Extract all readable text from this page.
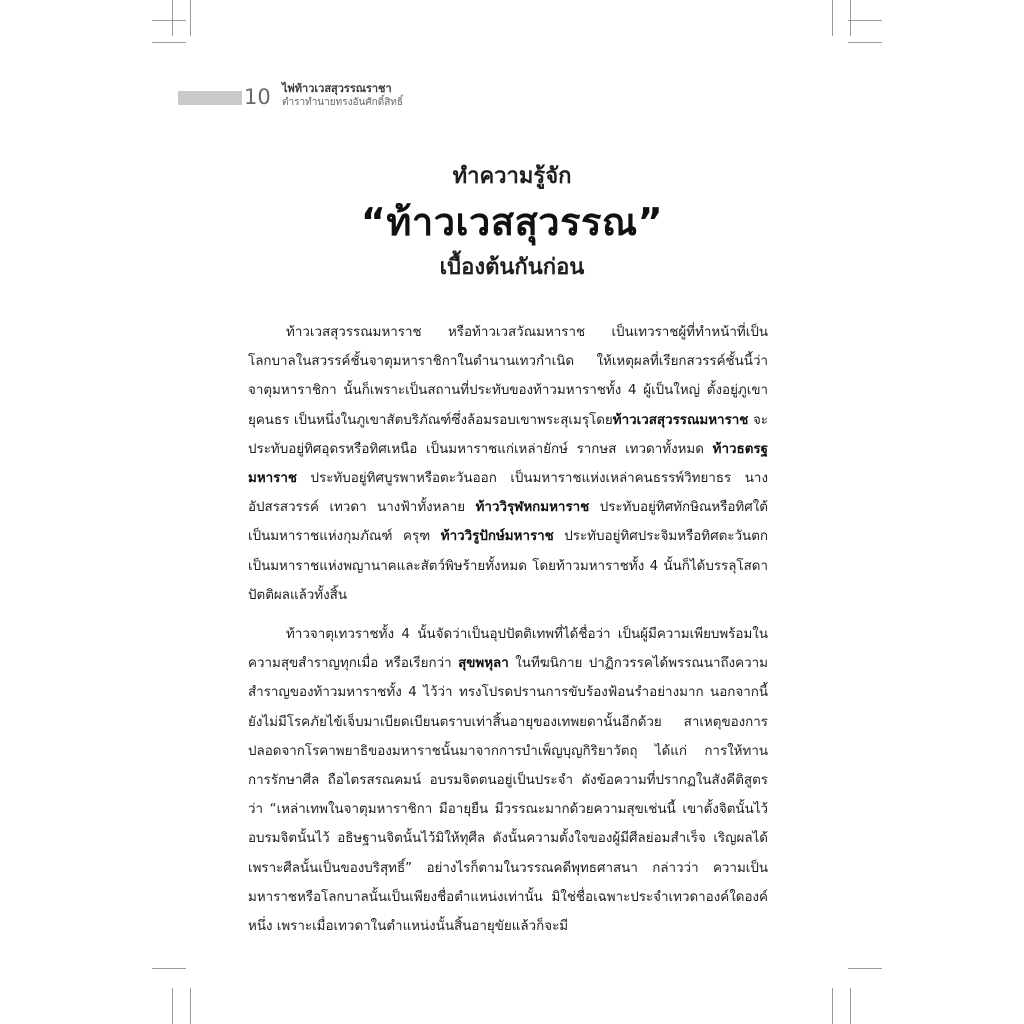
10 ไพ่ท้าวเวสสุวรรณราชา
ตำราทำนายทรงอันศักดิ์สิทธิ์
ทำความรู้จัก
“ท้าวเวสสุวรรณ”
เบื้องต้นกันก่อน

ท้าวเวสสุวรรณมหาราช หรือท้าวเวสวัณมหาราช เป็นเทวราชผู้ที่ทำหน้าที่เป็นโลกบาลในสวรรค์ชั้นจาตุมหาราชิกาในตำนานเทวกำเนิด ให้เหตุผลที่เรียกสวรรค์ชั้นนี้ว่า จาตุมหาราชิกา นั้นก็เพราะเป็นสถานที่ประทับของท้าวมหาราชทั้ง 4 ผู้เป็นใหญ่ ตั้งอยู่ภูเขายุคนธร เป็นหนึ่งในภูเขาสัตบริภัณฑ์ซึ่งล้อมรอบเขาพระสุเมรุโดยท้าวเวสสุวรรณมหาราช จะประทับอยู่ทิศอุดรหรือทิศเหนือ เป็นมหาราชแก่เหล่ายักษ์ รากษส เทวดาทั้งหมด ท้าวธตรฐมหาราช ประทับอยู่ทิศบูรพาหรือตะวันออก เป็นมหาราชแห่งเหล่าคนธรรพ์วิทยาธร นางอัปสรสวรรค์ เทวดา นางฟ้าทั้งหลาย ท้าววิรุฬหกมหาราช ประทับอยู่ทิศทักษิณหรือทิศใต้ เป็นมหาราชแห่งกุมภัณฑ์ ครุฑ ท้าววิรูปักษ์มหาราช ประทับอยู่ทิศประจิมหรือทิศตะวันตก เป็นมหาราชแห่งพญานาคและสัตว์พิษร้ายทั้งหมด โดยท้าวมหาราชทั้ง 4 นั้นก็ได้บรรลุโสดาปัตติผลแล้วทั้งสิ้น

ท้าวจาตุเทวราชทั้ง 4 นั้นจัดว่าเป็นอุปปัตติเทพที่ได้ชื่อว่า เป็นผู้มีความเพียบพร้อมในความสุขสำราญทุกเมื่อ หรือเรียกว่า สุขพหุลา ในทีฆนิกาย ปาฏิกวรรคได้พรรณนาถึงความสำราญของท้าวมหาราชทั้ง 4 ไว้ว่า ทรงโปรดปรานการขับร้องฟ้อนรำอย่างมาก นอกจากนี้ยังไม่มีโรคภัยไข้เจ็บมาเบียดเบียนตราบเท่าสิ้นอายุของเทพยดานั้นอีกด้วย สาเหตุของการปลอดจากโรคาพยาธิของมหาราชนั้นมาจากการบำเพ็ญบุญกิริยาวัตถุ ได้แก่ การให้ทาน การรักษาศีล ถือไตรสรณคมน์ อบรมจิตตนอยู่เป็นประจำ ดังข้อความที่ปรากฏในสังคีติสูตร ว่า “เหล่าเทพในจาตุมหาราชิกา มีอายุยืน มีวรรณะมากด้วยความสุขเช่นนี้ เขาตั้งจิตนั้นไว้ อบรมจิตนั้นไว้ อธิษฐานจิตนั้นไว้มิให้ทุศีล ดังนั้นความตั้งใจของผู้มีศีลย่อมสำเร็จ เริญผลได้เพราะศีลนั้นเป็นของบริสุทธิ์” อย่างไรก็ตามในวรรณคดีพุทธศาสนา กล่าวว่า ความเป็นมหาราชหรือโลกบาลนั้นเป็นเพียงชื่อตำแหน่งเท่านั้น มิใช่ชื่อเฉพาะประจำเทวดาองค์ใดองค์หนึ่ง เพราะเมื่อเทวดาในตำแหน่งนั้นสิ้นอายุขัยแล้วก็จะมี
